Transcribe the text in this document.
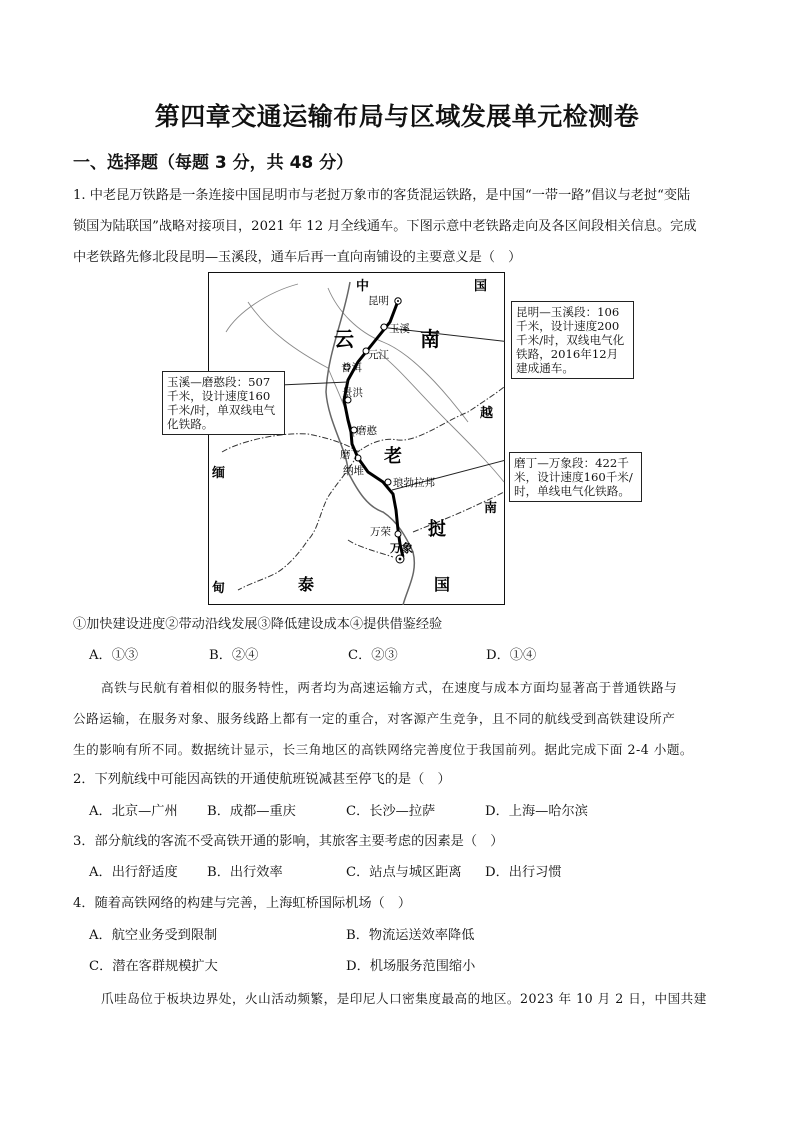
第四章交通运输布局与区域发展单元检测卷
一、选择题（每题 3 分，共 48 分）
1. 中老昆万铁路是一条连接中国昆明市与老挝万象市的客货混运铁路，是中国“一带一路”倡议与老挝“变陆
锁国为陆联国”战略对接项目，2021 年 12 月全线通车。下图示意中老铁路走向及各区间段相关信息。完成
中老铁路先修北段昆明—玉溪段，通车后再一直向南铺设的主要意义是（　）
中	国
云	南
越
缅
甸
老
南
挝
泰	国
昆明
玉溪
元江
普洱
景洪
磨憨
磨丁
纳堆
琅勃拉邦
万荣
万象
昆明—玉溪段：106千米，设计速度200千米/时，双线电气化铁路，2016年12月建成通车。
玉溪—磨憨段：507千米，设计速度160千米/时，单双线电气化铁路。
磨丁—万象段：422千米，设计速度160千米/时，单线电气化铁路。
①加快建设进度②带动沿线发展③降低建设成本④提供借鉴经验
A．①③	B．②④	C．②③	D．①④
高铁与民航有着相似的服务特性，两者均为高速运输方式，在速度与成本方面均显著高于普通铁路与
公路运输，在服务对象、服务线路上都有一定的重合，对客源产生竞争，且不同的航线受到高铁建设所产
生的影响有所不同。数据统计显示，长三角地区的高铁网络完善度位于我国前列。据此完成下面 2-4 小题。
2．下列航线中可能因高铁的开通使航班锐减甚至停飞的是（　）
A．北京—广州 B．成都—重庆	C．长沙—拉萨	D．上海—哈尔滨
3．部分航线的客流不受高铁开通的影响，其旅客主要考虑的因素是（　）
A．出行舒适度 B．出行效率	C．站点与城区距离 D．出行习惯
4．随着高铁网络的构建与完善，上海虹桥国际机场（　）
A．航空业务受到限制	B．物流运送效率降低
C．潜在客群规模扩大	D．机场服务范围缩小
爪哇岛位于板块边界处，火山活动频繁，是印尼人口密集度最高的地区。2023 年 10 月 2 日，中国共建
